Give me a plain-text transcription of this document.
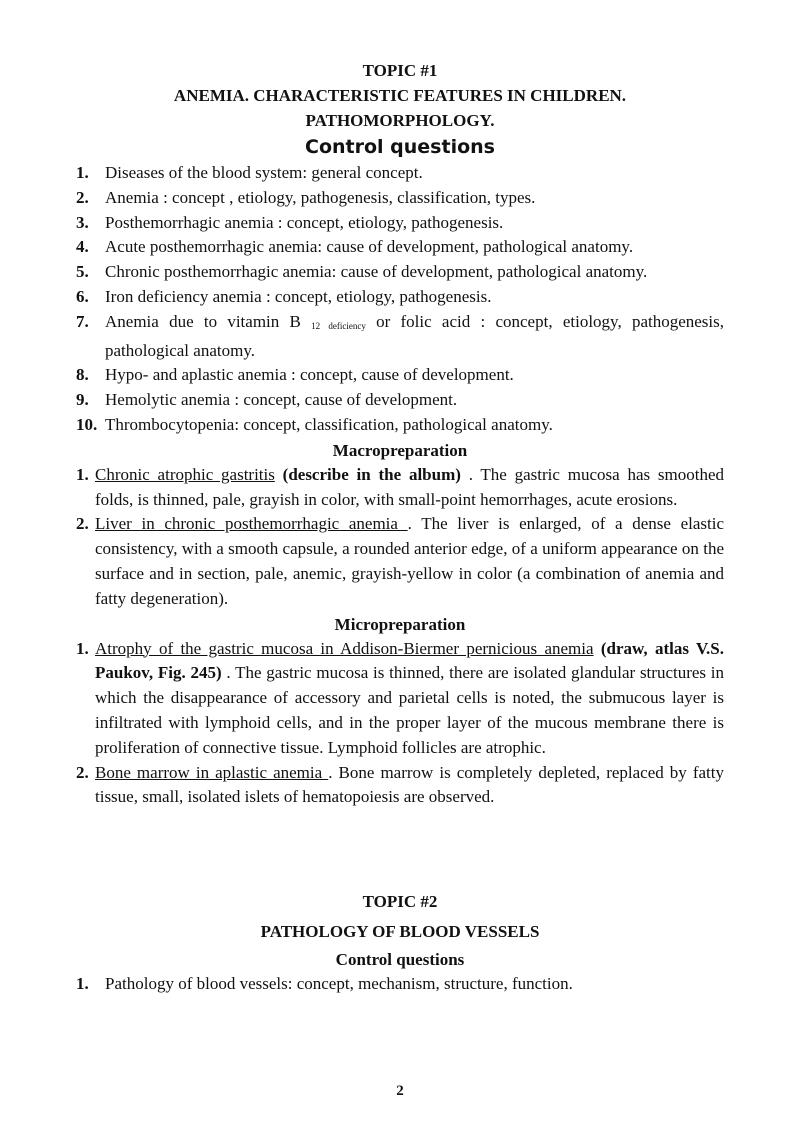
TOPIC #1
ANEMIA. CHARACTERISTIC FEATURES IN CHILDREN.
PATHOMORPHOLOGY.
Control questions
1. Diseases of the blood system: general concept.
2. Anemia : concept , etiology, pathogenesis, classification, types.
3. Posthemorrhagic anemia : concept, etiology, pathogenesis.
4. Acute posthemorrhagic anemia: cause of development, pathological anatomy.
5. Chronic posthemorrhagic anemia: cause of development, pathological anatomy.
6. Iron deficiency anemia : concept, etiology, pathogenesis.
7. Anemia due to vitamin B $_{12 deficiency}$ or folic acid : concept, etiology, pathogenesis, pathological anatomy.
8. Hypo- and aplastic anemia : concept, cause of development.
9. Hemolytic anemia : concept, cause of development.
10. Thrombocytopenia: concept, classification, pathological anatomy.
Macropreparation
1. Chronic atrophic gastritis (describe in the album) . The gastric mucosa has smoothed folds, is thinned, pale, grayish in color, with small-point hemorrhages, acute erosions.
2. Liver in chronic posthemorrhagic anemia . The liver is enlarged, of a dense elastic consistency, with a smooth capsule, a rounded anterior edge, of a uniform appearance on the surface and in section, pale, anemic, grayish-yellow in color (a combination of anemia and fatty degeneration).
Micropreparation
1. Atrophy of the gastric mucosa in Addison-Biermer pernicious anemia (draw, atlas V.S. Paukov, Fig. 245) . The gastric mucosa is thinned, there are isolated glandular structures in which the disappearance of accessory and parietal cells is noted, the submucous layer is infiltrated with lymphoid cells, and in the proper layer of the mucous membrane there is proliferation of connective tissue. Lymphoid follicles are atrophic.
2. Bone marrow in aplastic anemia . Bone marrow is completely depleted, replaced by fatty tissue, small, isolated islets of hematopoiesis are observed.
TOPIC #2
PATHOLOGY OF BLOOD VESSELS
Control questions
1. Pathology of blood vessels: concept, mechanism, structure, function.
2
